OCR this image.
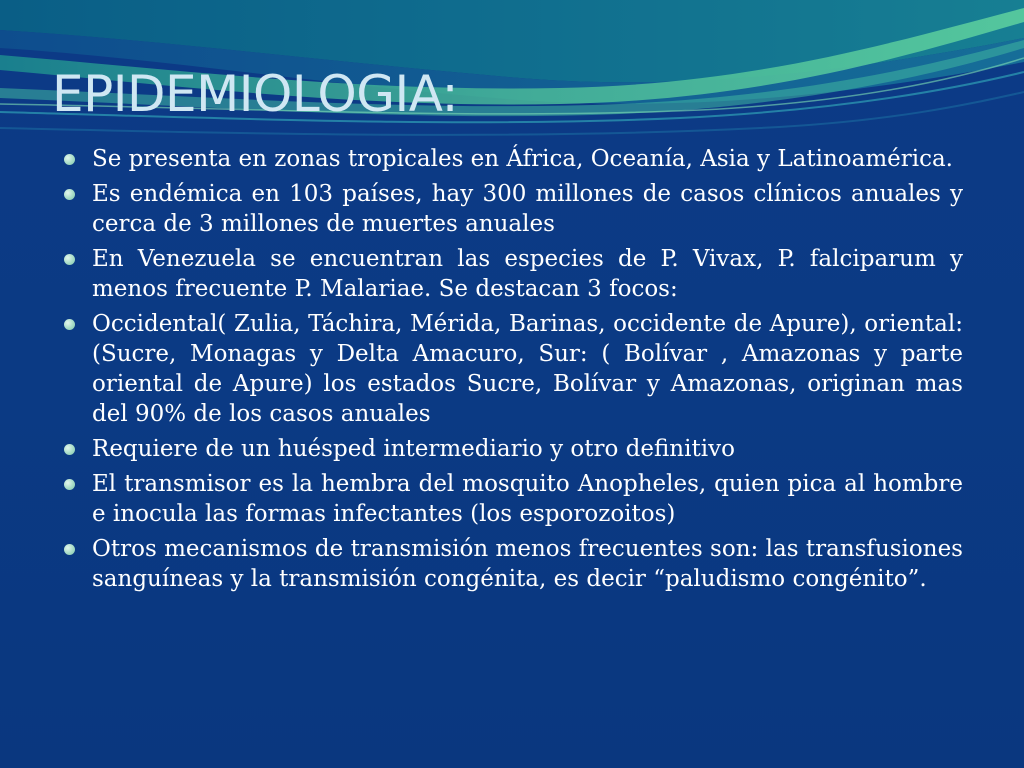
EPIDEMIOLOGIA:
Se presenta en zonas tropicales en África, Oceanía, Asia y Latinoamérica.
Es endémica en 103 países, hay 300 millones de casos clínicos anuales y cerca de 3 millones de muertes anuales
En Venezuela se encuentran las especies de P. Vivax, P. falciparum y menos frecuente P. Malariae. Se destacan 3 focos:
Occidental( Zulia, Táchira, Mérida, Barinas, occidente de Apure), oriental: (Sucre, Monagas y Delta Amacuro, Sur: ( Bolívar , Amazonas y parte oriental de Apure) los estados Sucre, Bolívar y Amazonas, originan mas del 90% de los casos anuales
Requiere de un huésped intermediario y otro definitivo
El transmisor es la hembra del mosquito Anopheles, quien pica al hombre e inocula las formas infectantes (los esporozoitos)
Otros mecanismos de transmisión menos frecuentes son: las transfusiones sanguíneas y la transmisión congénita, es decir “paludismo congénito”.
